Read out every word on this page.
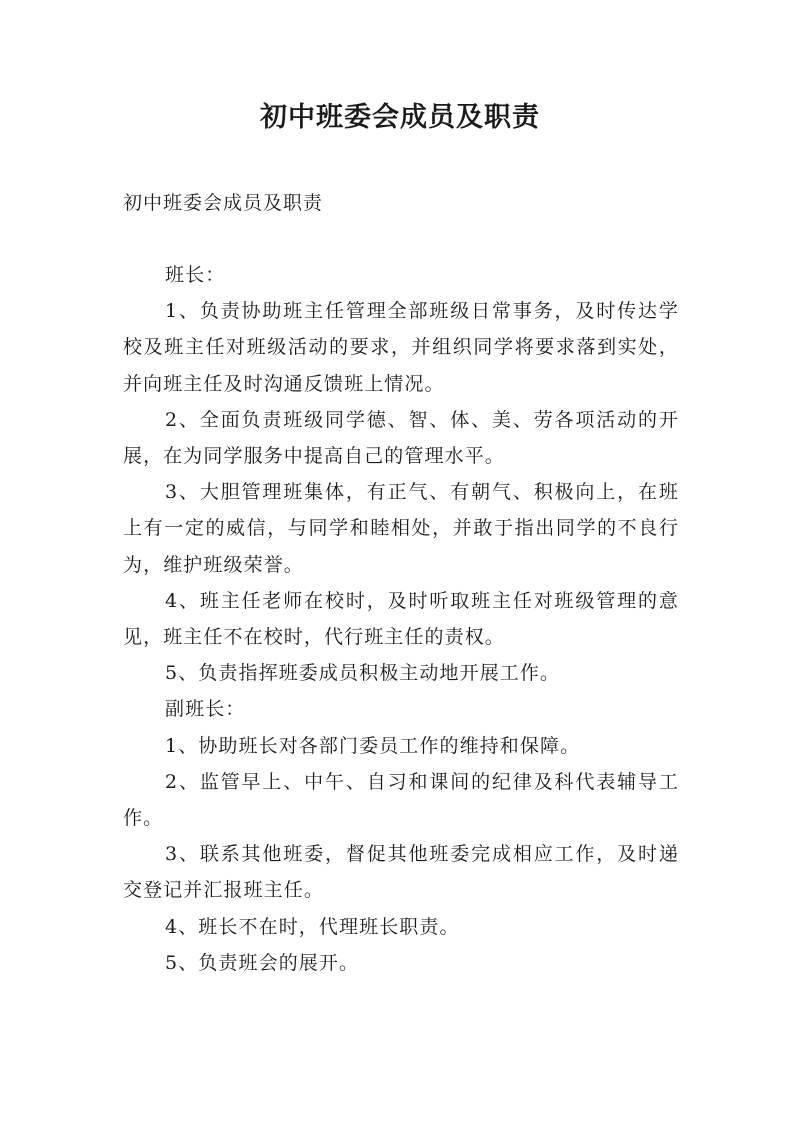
初中班委会成员及职责
初中班委会成员及职责

班长：

1、负责协助班主任管理全部班级日常事务，及时传达学校及班主任对班级活动的要求，并组织同学将要求落到实处，并向班主任及时沟通反馈班上情况。

2、全面负责班级同学德、智、体、美、劳各项活动的开展，在为同学服务中提高自己的管理水平。

3、大胆管理班集体，有正气、有朝气、积极向上，在班上有一定的威信，与同学和睦相处，并敢于指出同学的不良行为，维护班级荣誉。

4、班主任老师在校时，及时听取班主任对班级管理的意见，班主任不在校时，代行班主任的责权。

5、负责指挥班委成员积极主动地开展工作。

副班长：

1、协助班长对各部门委员工作的维持和保障。

2、监管早上、中午、自习和课间的纪律及科代表辅导工作。

3、联系其他班委，督促其他班委完成相应工作，及时递交登记并汇报班主任。

4、班长不在时，代理班长职责。

5、负责班会的展开。
